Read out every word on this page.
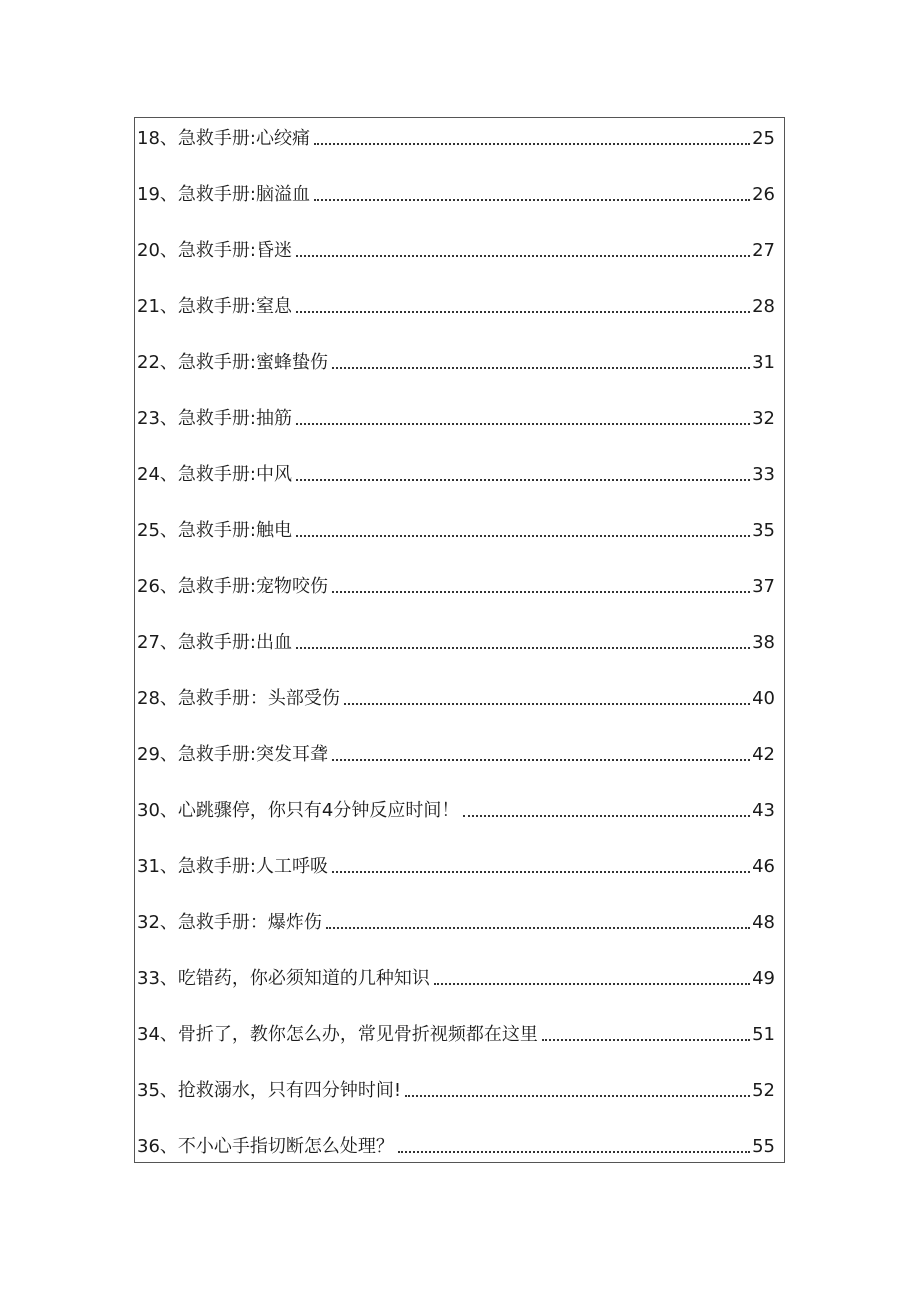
18、急救手册:心绞痛	25
19、急救手册:脑溢血	26
20、急救手册:昏迷	27
21、急救手册:窒息	28
22、急救手册:蜜蜂蛰伤	31
23、急救手册:抽筋	32
24、急救手册:中风	33
25、急救手册:触电	35
26、急救手册:宠物咬伤	37
27、急救手册:出血	38
28、急救手册：头部受伤	40
29、急救手册:突发耳聋	42
30、心跳骤停，你只有4分钟反应时间！	43
31、急救手册:人工呼吸	46
32、急救手册：爆炸伤	48
33、吃错药，你必须知道的几种知识	49
34、骨折了，教你怎么办，常见骨折视频都在这里	51
35、抢救溺水，只有四分钟时间!	52
36、不小心手指切断怎么处理？	55
